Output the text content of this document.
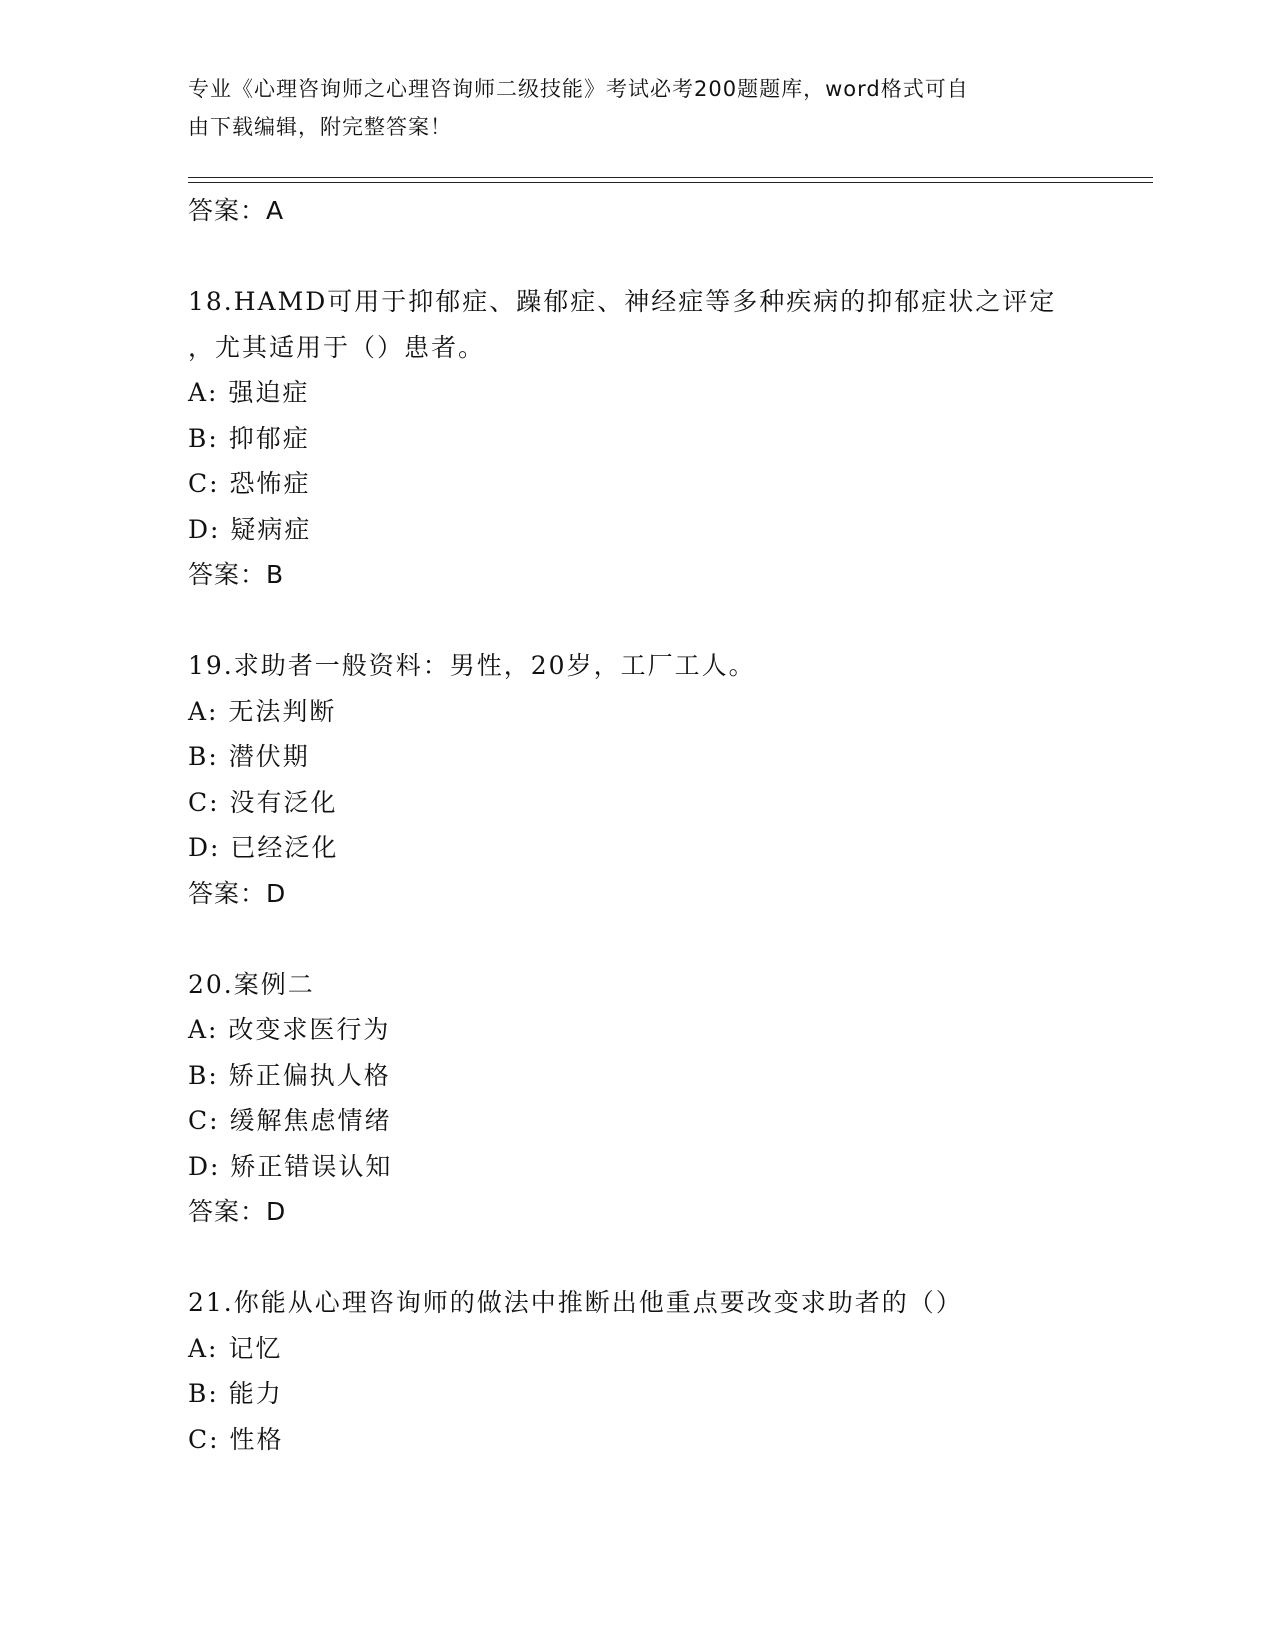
专业《心理咨询师之心理咨询师二级技能》考试必考200题题库，word格式可自
由下载编辑，附完整答案！
答案：A
18.HAMD可用于抑郁症、躁郁症、神经症等多种疾病的抑郁症状之评定
，尤其适用于（）患者。
A: 强迫症
B: 抑郁症
C: 恐怖症
D: 疑病症
答案：B
19.求助者一般资料：男性，20岁，工厂工人。
A: 无法判断
B: 潜伏期
C: 没有泛化
D: 已经泛化
答案：D
20.案例二
A: 改变求医行为
B: 矫正偏执人格
C: 缓解焦虑情绪
D: 矫正错误认知
答案：D
21.你能从心理咨询师的做法中推断出他重点要改变求助者的（）
A: 记忆
B: 能力
C: 性格
